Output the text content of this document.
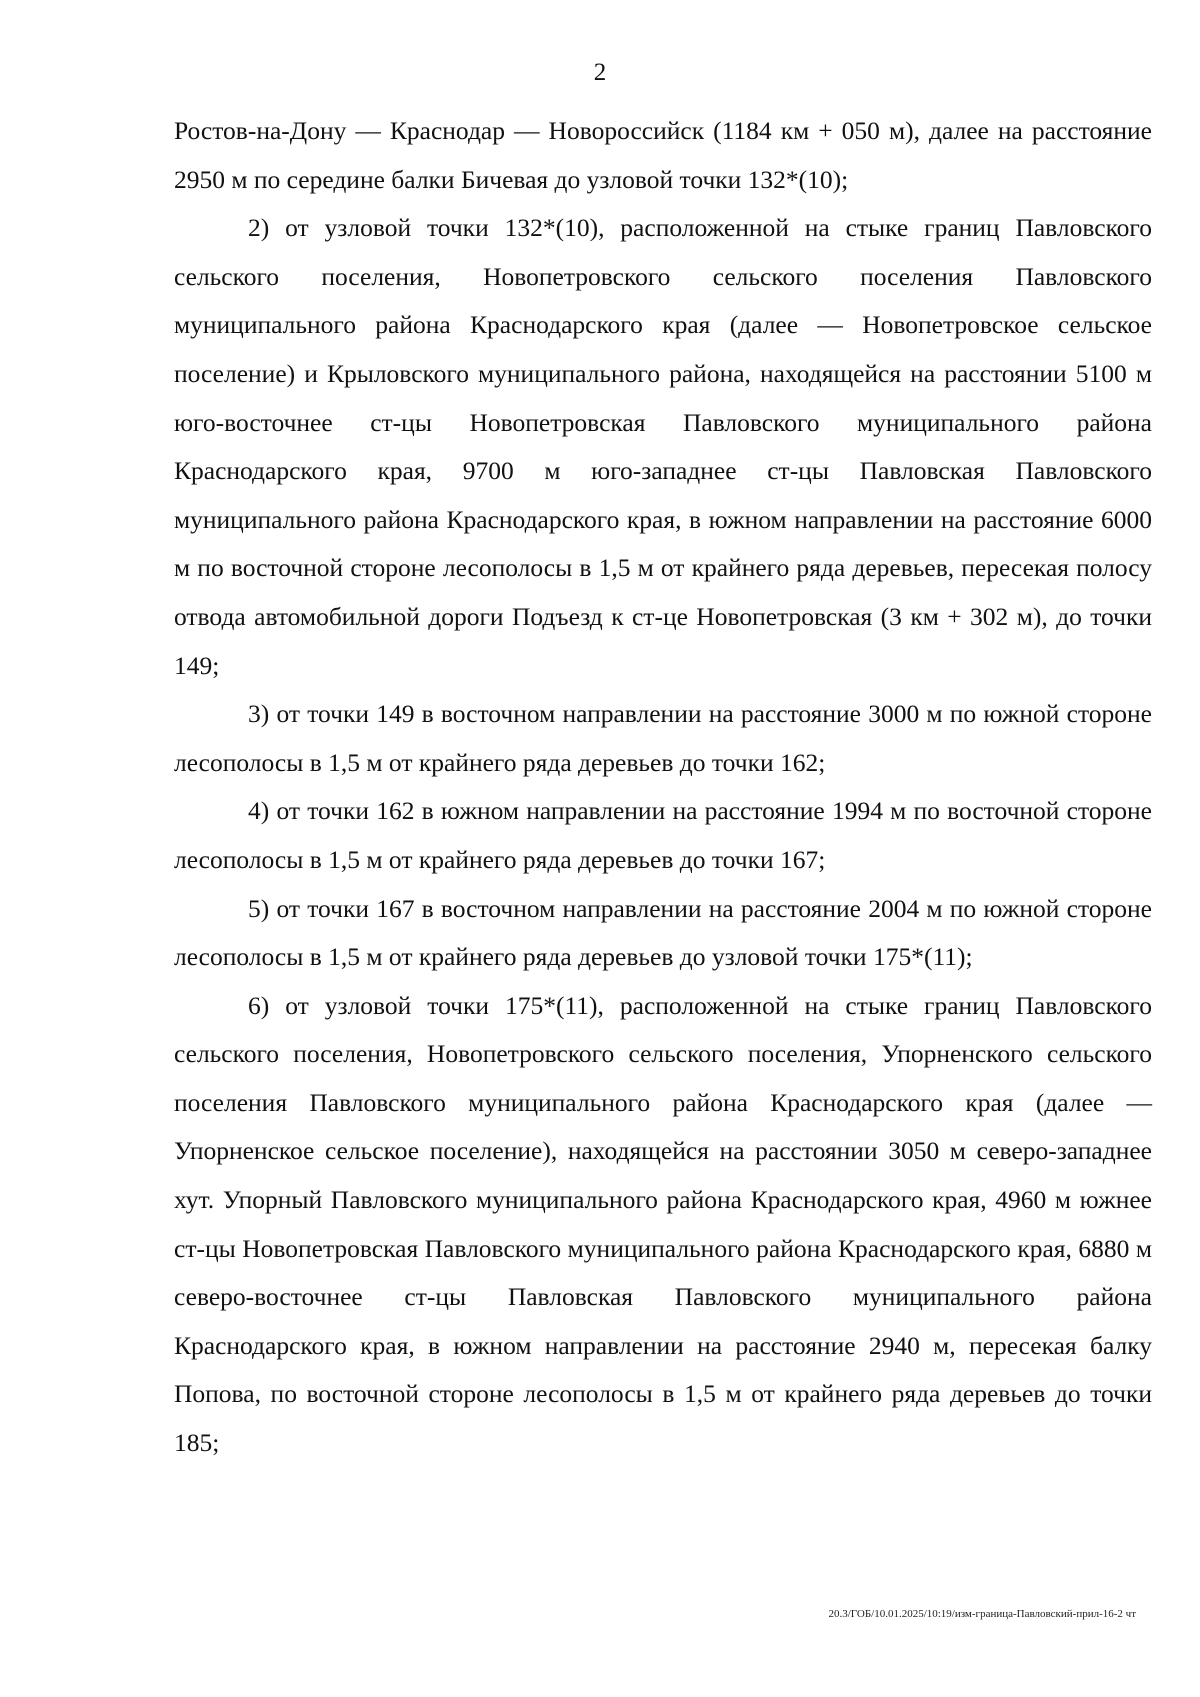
2

Ростов-на-Дону — Краснодар — Новороссийск (1184 км + 050 м), далее на расстояние 2950 м по середине балки Бичевая до узловой точки 132*(10);

2) от узловой точки 132*(10), расположенной на стыке границ Павловского сельского поселения, Новопетровского сельского поселения Павловского муниципального района Краснодарского края (далее — Новопетровское сельское поселение) и Крыловского муниципального района, находящейся на расстоянии 5100 м юго-восточнее ст-цы Новопетровская Павловского муниципального района Краснодарского края, 9700 м юго-западнее ст-цы Павловская Павловского муниципального района Краснодарского края, в южном направлении на расстояние 6000 м по восточной стороне лесополосы в 1,5 м от крайнего ряда деревьев, пересекая полосу отвода автомобильной дороги Подъезд к ст-це Новопетровская (3 км + 302 м), до точки 149;

3) от точки 149 в восточном направлении на расстояние 3000 м по южной стороне лесополосы в 1,5 м от крайнего ряда деревьев до точки 162;

4) от точки 162 в южном направлении на расстояние 1994 м по восточной стороне лесополосы в 1,5 м от крайнего ряда деревьев до точки 167;

5) от точки 167 в восточном направлении на расстояние 2004 м по южной стороне лесополосы в 1,5 м от крайнего ряда деревьев до узловой точки 175*(11);

6) от узловой точки 175*(11), расположенной на стыке границ Павловского сельского поселения, Новопетровского сельского поселения, Упорненского сельского поселения Павловского муниципального района Краснодарского края (далее — Упорненское сельское поселение), находящейся на расстоянии 3050 м северо-западнее хут. Упорный Павловского муниципального района Краснодарского края, 4960 м южнее ст-цы Новопетровская Павловского муниципального района Краснодарского края, 6880 м северо-восточнее ст-цы Павловская Павловского муниципального района Краснодарского края, в южном направлении на расстояние 2940 м, пересекая балку Попова, по восточной стороне лесополосы в 1,5 м от крайнего ряда деревьев до точки 185;

20.3/ГОБ/10.01.2025/10:19/изм-граница-Павловский-прил-16-2 чт
